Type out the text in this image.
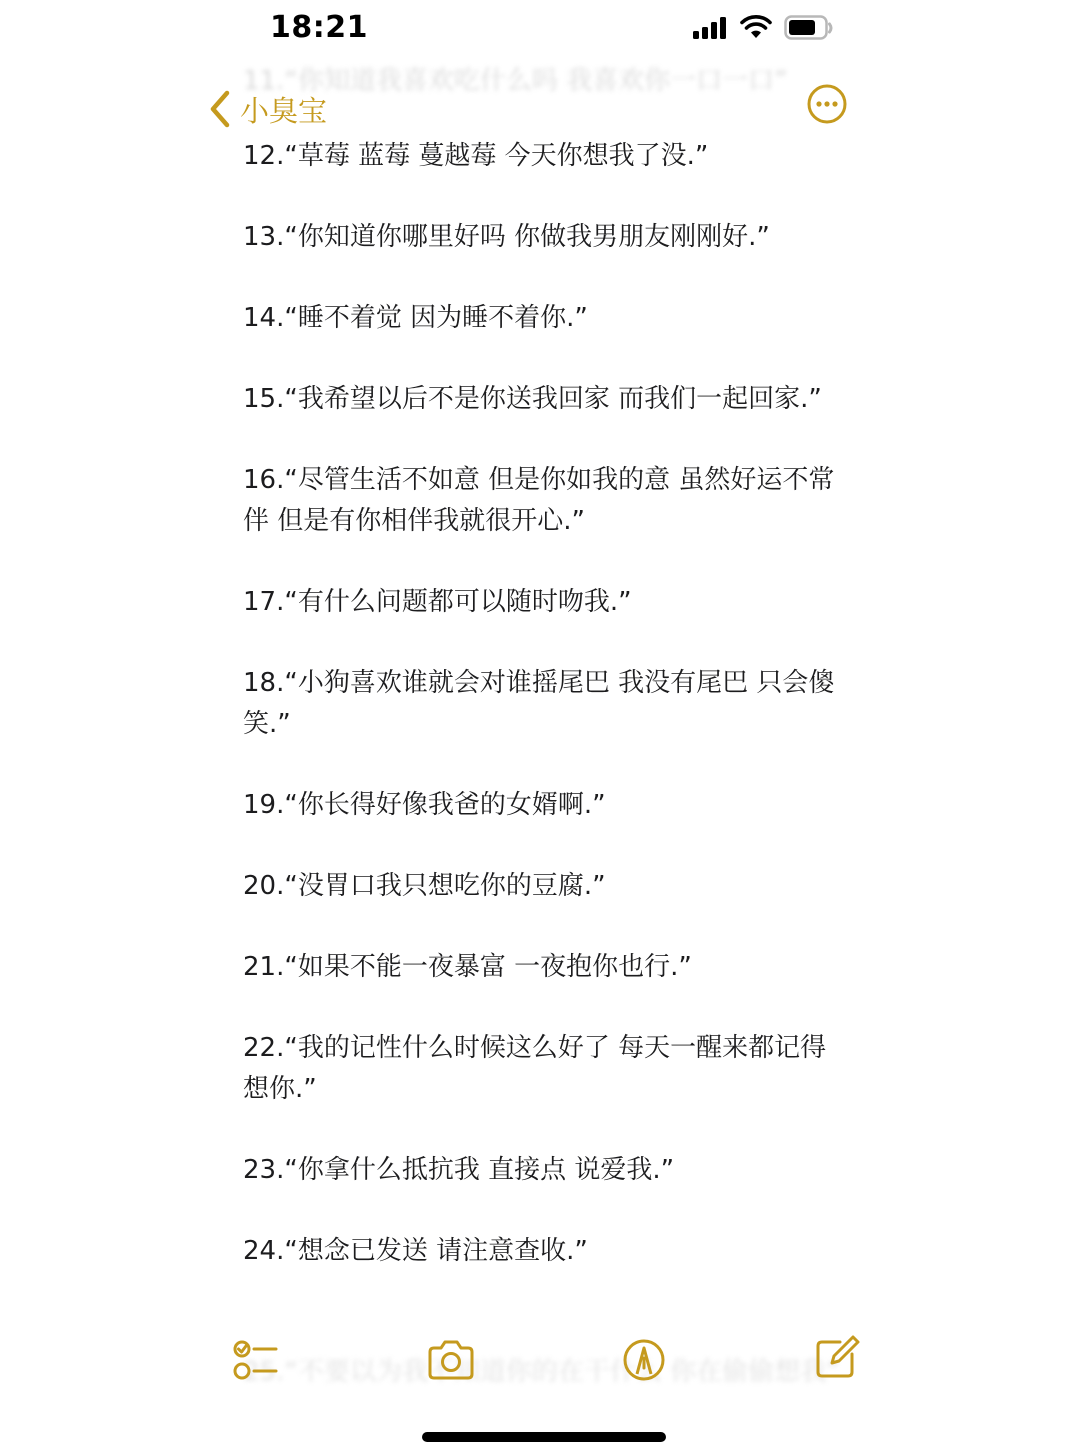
18:21
11.“你知道我喜欢吃什么吗 我喜欢你一口一口”
小臭宝

12.“草莓 蓝莓 蔓越莓 今天你想我了没.”

13.“你知道你哪里好吗 你做我男朋友刚刚好.”

14.“睡不着觉 因为睡不着你.”

15.“我希望以后不是你送我回家 而我们一起回家.”

16.“尽管生活不如意 但是你如我的意 虽然好运不常伴 但是有你相伴我就很开心.”

17.“有什么问题都可以随时吻我.”

18.“小狗喜欢谁就会对谁摇尾巴 我没有尾巴 只会傻笑.”

19.“你长得好像我爸的女婿啊.”

20.“没胃口我只想吃你的豆腐.”

21.“如果不能一夜暴富 一夜抱你也行.”

22.“我的记性什么时候这么好了 每天一醒来都记得想你.”

23.“你拿什么抵抗我 直接点 说爱我.”

24.“想念已发送 请注意查收.”

25.“不要以为我不知道你的在干什么 你在偷偷想我”
